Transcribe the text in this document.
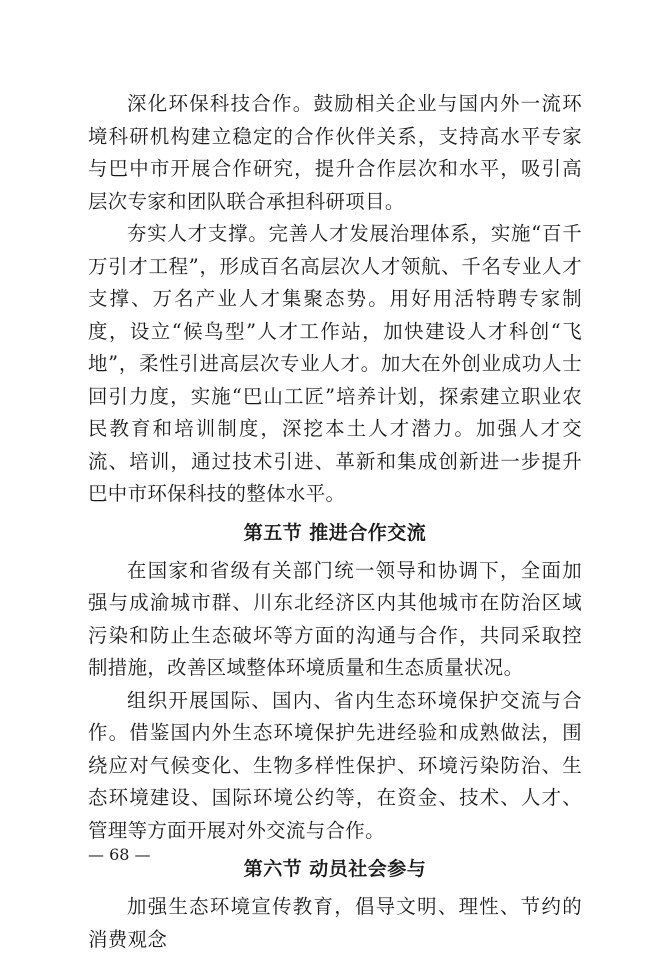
深化环保科技合作。鼓励相关企业与国内外一流环境科研机构建立稳定的合作伙伴关系，支持高水平专家与巴中市开展合作研究，提升合作层次和水平，吸引高层次专家和团队联合承担科研项目。

夯实人才支撑。完善人才发展治理体系，实施“百千万引才工程”，形成百名高层次人才领航、千名专业人才支撑、万名产业人才集聚态势。用好用活特聘专家制度，设立“候鸟型”人才工作站，加快建设人才科创“飞地”，柔性引进高层次专业人才。加大在外创业成功人士回引力度，实施“巴山工匠”培养计划，探索建立职业农民教育和培训制度，深挖本土人才潜力。加强人才交流、培训，通过技术引进、革新和集成创新进一步提升巴中市环保科技的整体水平。

第五节 推进合作交流

在国家和省级有关部门统一领导和协调下，全面加强与成渝城市群、川东北经济区内其他城市在防治区域污染和防止生态破坏等方面的沟通与合作，共同采取控制措施，改善区域整体环境质量和生态质量状况。

组织开展国际、国内、省内生态环境保护交流与合作。借鉴国内外生态环境保护先进经验和成熟做法，围绕应对气候变化、生物多样性保护、环境污染防治、生态环境建设、国际环境公约等，在资金、技术、人才、管理等方面开展对外交流与合作。

第六节 动员社会参与

加强生态环境宣传教育，倡导文明、理性、节约的消费观念

— 68 —
